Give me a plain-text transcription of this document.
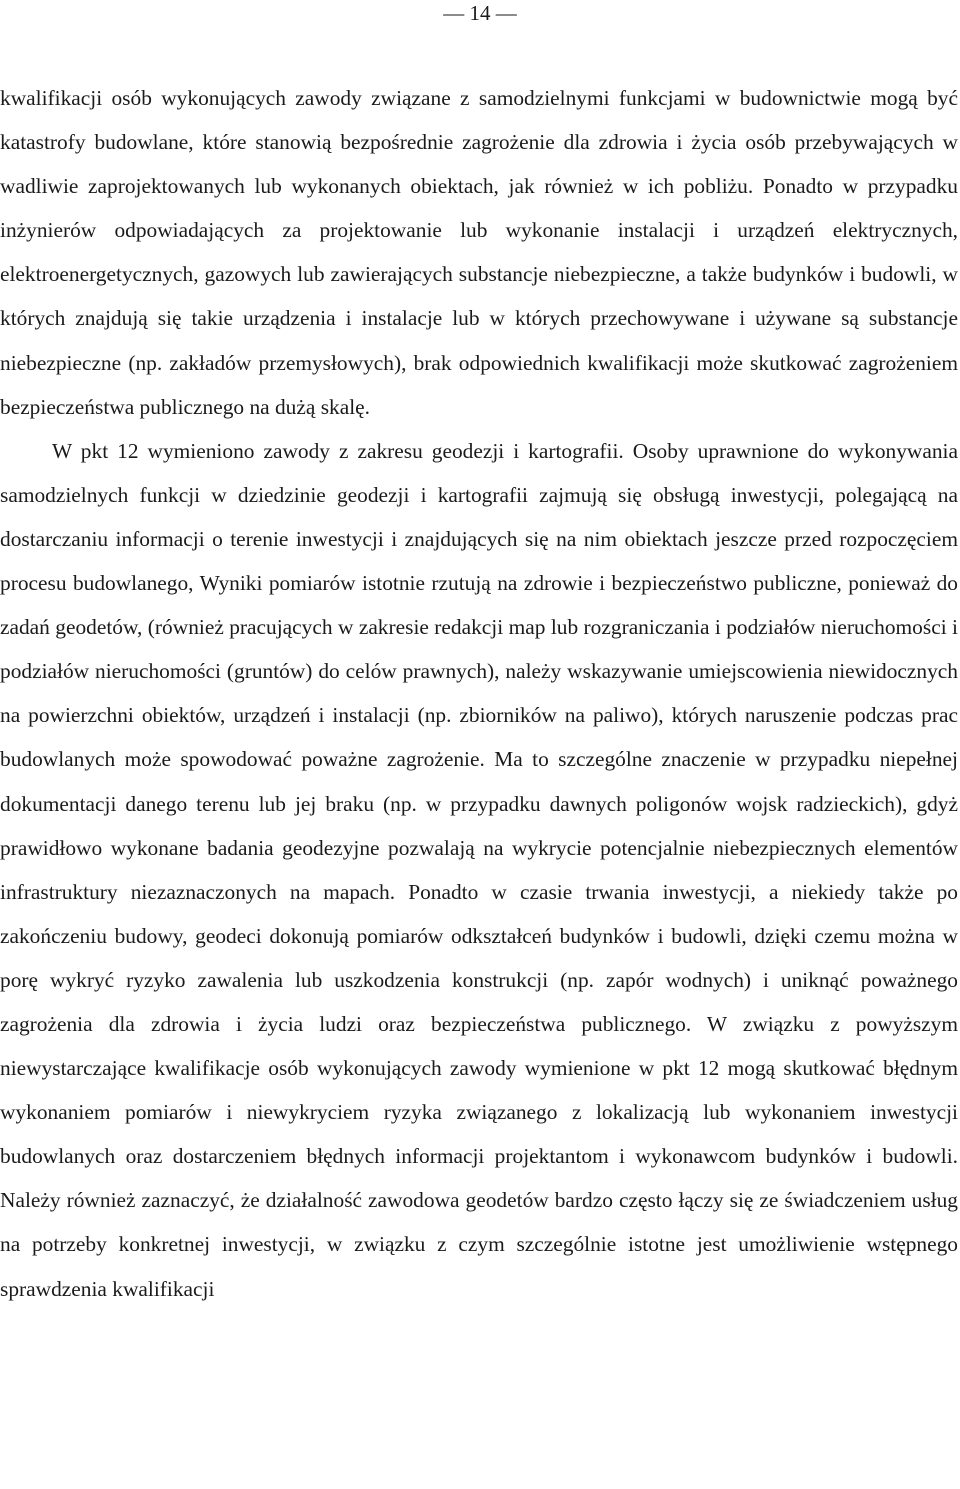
— 14 —

kwalifikacji osób wykonujących zawody związane z samodzielnymi funkcjami w budownictwie mogą być katastrofy budowlane, które stanowią bezpośrednie zagrożenie dla zdrowia i życia osób przebywających w wadliwie zaprojektowanych lub wykonanych obiektach, jak również w ich pobliżu. Ponadto w przypadku inżynierów odpowiadających za projektowanie lub wykonanie instalacji i urządzeń elektrycznych, elektroenergetycznych, gazowych lub zawierających substancje niebezpieczne, a także budynków i budowli, w których znajdują się takie urządzenia i instalacje lub w których przechowywane i używane są substancje niebezpieczne (np. zakładów przemysłowych), brak odpowiednich kwalifikacji może skutkować zagrożeniem bezpieczeństwa publicznego na dużą skalę.

W pkt 12 wymieniono zawody z zakresu geodezji i kartografii. Osoby uprawnione do wykonywania samodzielnych funkcji w dziedzinie geodezji i kartografii zajmują się obsługą inwestycji, polegającą na dostarczaniu informacji o terenie inwestycji i znajdujących się na nim obiektach jeszcze przed rozpoczęciem procesu budowlanego, Wyniki pomiarów istotnie rzutują na zdrowie i bezpieczeństwo publiczne, ponieważ do zadań geodetów, (również pracujących w zakresie redakcji map lub rozgraniczania i podziałów nieruchomości i podziałów nieruchomości (gruntów) do celów prawnych), należy wskazywanie umiejscowienia niewidocznych na powierzchni obiektów, urządzeń i instalacji (np. zbiorników na paliwo), których naruszenie podczas prac budowlanych może spowodować poważne zagrożenie. Ma to szczególne znaczenie w przypadku niepełnej dokumentacji danego terenu lub jej braku (np. w przypadku dawnych poligonów wojsk radzieckich), gdyż prawidłowo wykonane badania geodezyjne pozwalają na wykrycie potencjalnie niebezpiecznych elementów infrastruktury niezaznaczonych na mapach. Ponadto w czasie trwania inwestycji, a niekiedy także po zakończeniu budowy, geodeci dokonują pomiarów odkształceń budynków i budowli, dzięki czemu można w porę wykryć ryzyko zawalenia lub uszkodzenia konstrukcji (np. zapór wodnych) i uniknąć poważnego zagrożenia dla zdrowia i życia ludzi oraz bezpieczeństwa publicznego. W związku z powyższym niewystarczające kwalifikacje osób wykonujących zawody wymienione w pkt 12 mogą skutkować błędnym wykonaniem pomiarów i niewykryciem ryzyka związanego z lokalizacją lub wykonaniem inwestycji budowlanych oraz dostarczeniem błędnych informacji projektantom i wykonawcom budynków i budowli. Należy również zaznaczyć, że działalność zawodowa geodetów bardzo często łączy się ze świadczeniem usług na potrzeby konkretnej inwestycji, w związku z czym szczególnie istotne jest umożliwienie wstępnego sprawdzenia kwalifikacji
